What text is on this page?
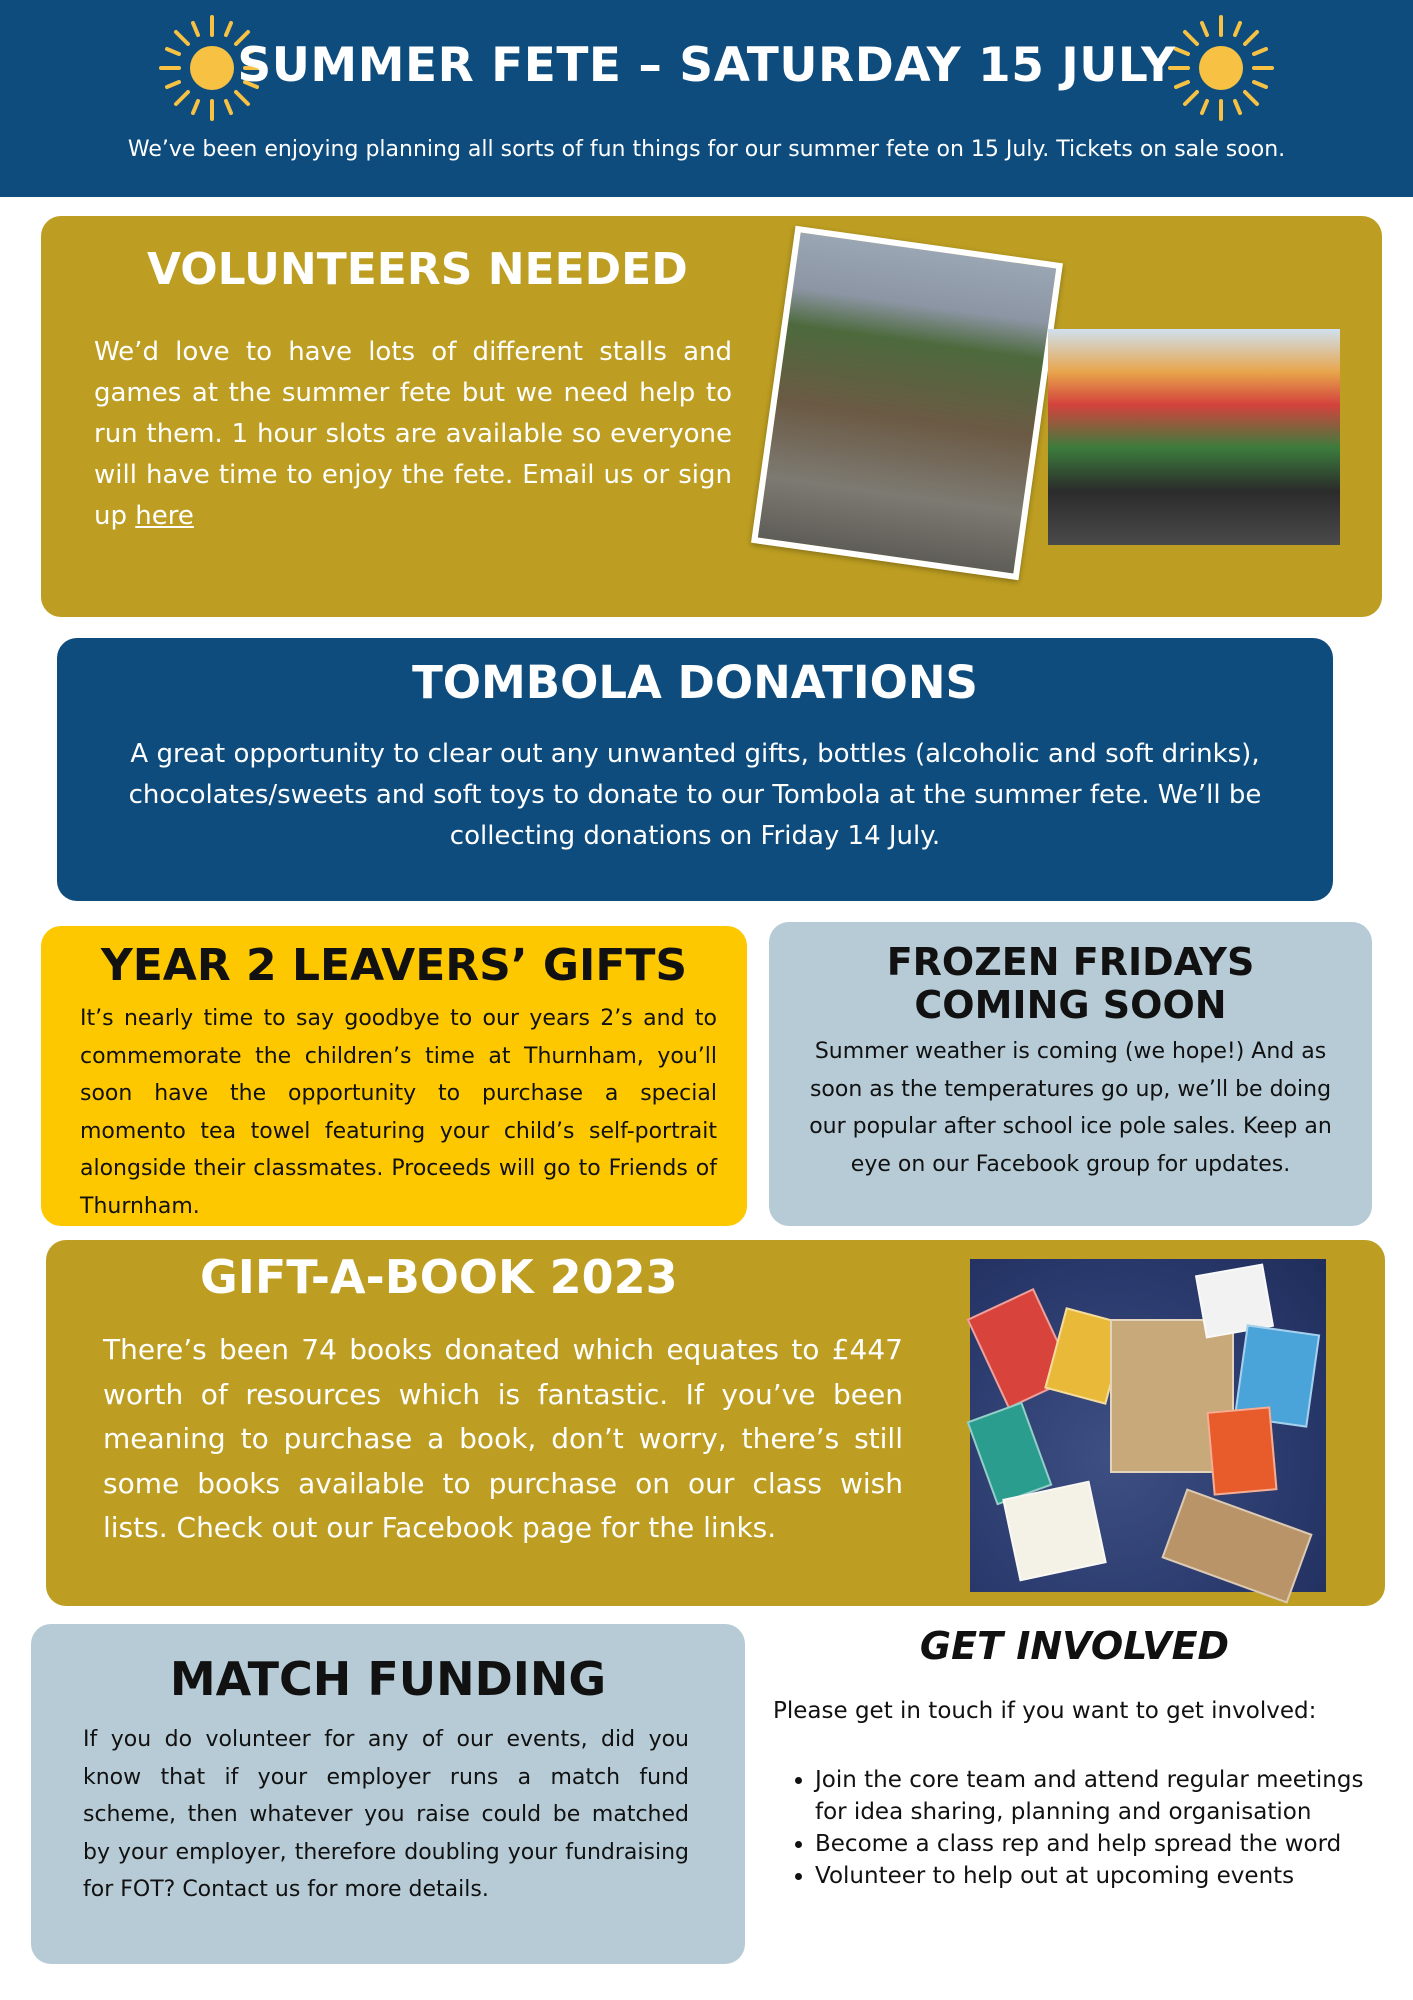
SUMMER FETE – SATURDAY 15 JULY
We’ve been enjoying planning all sorts of fun things for our summer fete on 15 July. Tickets on sale soon.
VOLUNTEERS NEEDED
We’d love to have lots of different stalls and games at the summer fete but we need help to run them. 1 hour slots are available so everyone will have time to enjoy the fete. Email us or sign up here
TOMBOLA DONATIONS
A great opportunity to clear out any unwanted gifts, bottles (alcoholic and soft drinks), chocolates/sweets and soft toys to donate to our Tombola at the summer fete. We’ll be collecting donations on Friday 14 July.
YEAR 2 LEAVERS’ GIFTS
It’s nearly time to say goodbye to our years 2’s and to commemorate the children’s time at Thurnham, you’ll soon have the opportunity to purchase a special momento tea towel featuring your child’s self-portrait alongside their classmates. Proceeds will go to Friends of Thurnham.
FROZEN FRIDAYS
COMING SOON
Summer weather is coming (we hope!) And as soon as the temperatures go up, we’ll be doing our popular after school ice pole sales. Keep an eye on our Facebook group for updates.
GIFT-A-BOOK 2023
There’s been 74 books donated which equates to £447 worth of resources which is fantastic. If you’ve been meaning to purchase a book, don’t worry, there’s still some books available to purchase on our class wish lists. Check out our Facebook page for the links.
MATCH FUNDING
If you do volunteer for any of our events, did you know that if your employer runs a match fund scheme, then whatever you raise could be matched by your employer, therefore doubling your fundraising for FOT? Contact us for more details.
GET INVOLVED
Please get in touch if you want to get involved:
• Join the core team and attend regular meetings for idea sharing, planning and organisation
• Become a class rep and help spread the word
• Volunteer to help out at upcoming events
